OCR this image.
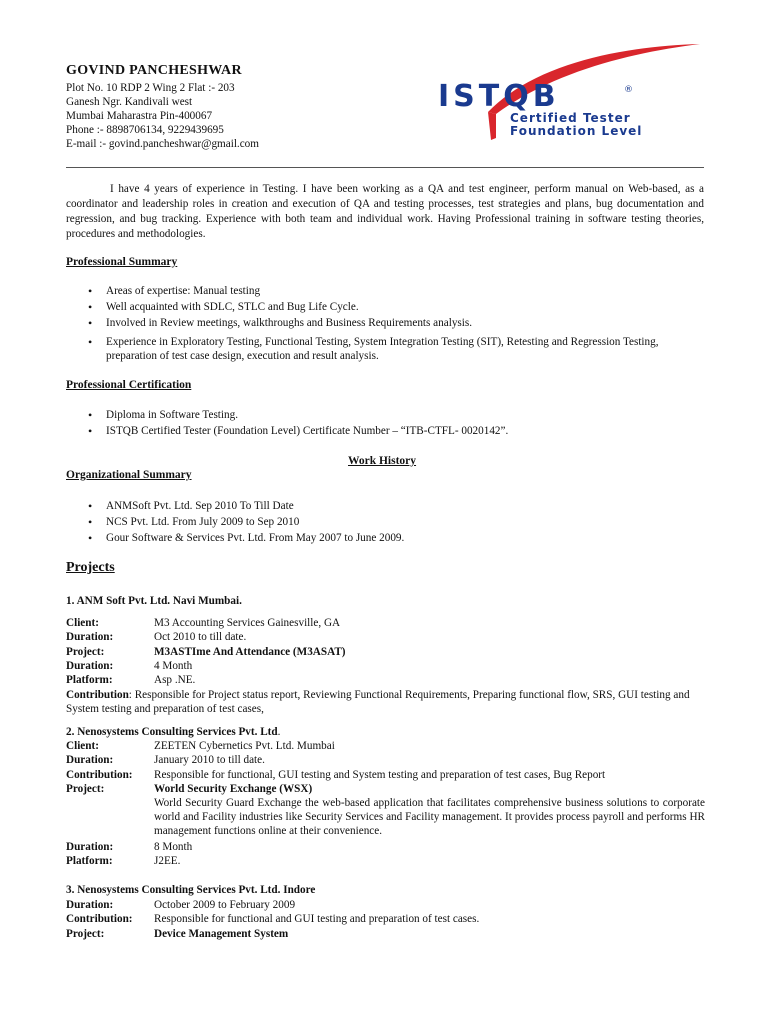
GOVIND PANCHESHWAR
Plot No. 10 RDP 2 Wing 2 Flat :- 203
Ganesh Ngr. Kandivali west
Mumbai Maharastra Pin-400067
Phone :- 8898706134, 9229439695
E-mail :- govind.pancheshwar@gmail.com
ISTQB	®
Certified Tester
Foundation Level
I have 4 years of experience in Testing. I have been working as a QA and test engineer, perform manual on Web-based, as a coordinator and leadership roles in creation and execution of QA and testing processes, test strategies and plans, bug documentation and regression, and bug tracking. Experience with both team and individual work. Having Professional training in software testing theories, procedures and methodologies.
Professional Summary
• Areas of expertise: Manual testing
• Well acquainted with SDLC, STLC and Bug Life Cycle.
• Involved in Review meetings, walkthroughs and Business Requirements analysis.
• Experience in Exploratory Testing, Functional Testing, System Integration Testing (SIT), Retesting and Regression Testing, preparation of test case design, execution and result analysis.
Professional Certification
• Diploma in Software Testing.
• ISTQB Certified Tester (Foundation Level) Certificate Number – “ITB-CTFL- 0020142”.
Work History
Organizational Summary
• ANMSoft Pvt. Ltd. Sep 2010 To Till Date
• NCS Pvt. Ltd. From July 2009 to Sep 2010
• Gour Software & Services Pvt. Ltd. From May 2007 to June 2009.
Projects
1. ANM Soft Pvt. Ltd. Navi Mumbai.
Client:	M3 Accounting Services Gainesville, GA
Duration:	Oct 2010 to till date.
Project:	M3ASTIme And Attendance (M3ASAT)
Duration:	4 Month
Platform:	Asp .NE.
Contribution: Responsible for Project status report, Reviewing Functional Requirements, Preparing functional flow, SRS, GUI testing and System testing and preparation of test cases,
2. Nenosystems Consulting Services Pvt. Ltd.
Client:	ZEETEN Cybernetics Pvt. Ltd. Mumbai
Duration:	January 2010 to till date.
Contribution: Responsible for functional, GUI testing and System testing and preparation of test cases, Bug Report
Project:	World Security Exchange (WSX)
World Security Guard Exchange the web-based application that facilitates comprehensive business solutions to corporate world and Facility industries like Security Services and Facility management. It provides process payroll and performs HR management functions online at their convenience.
Duration:	8 Month
Platform:	J2EE.
3. Nenosystems Consulting Services Pvt. Ltd. Indore
Duration:	October 2009 to February 2009
Contribution: Responsible for functional and GUI testing and preparation of test cases.
Project:	Device Management System
